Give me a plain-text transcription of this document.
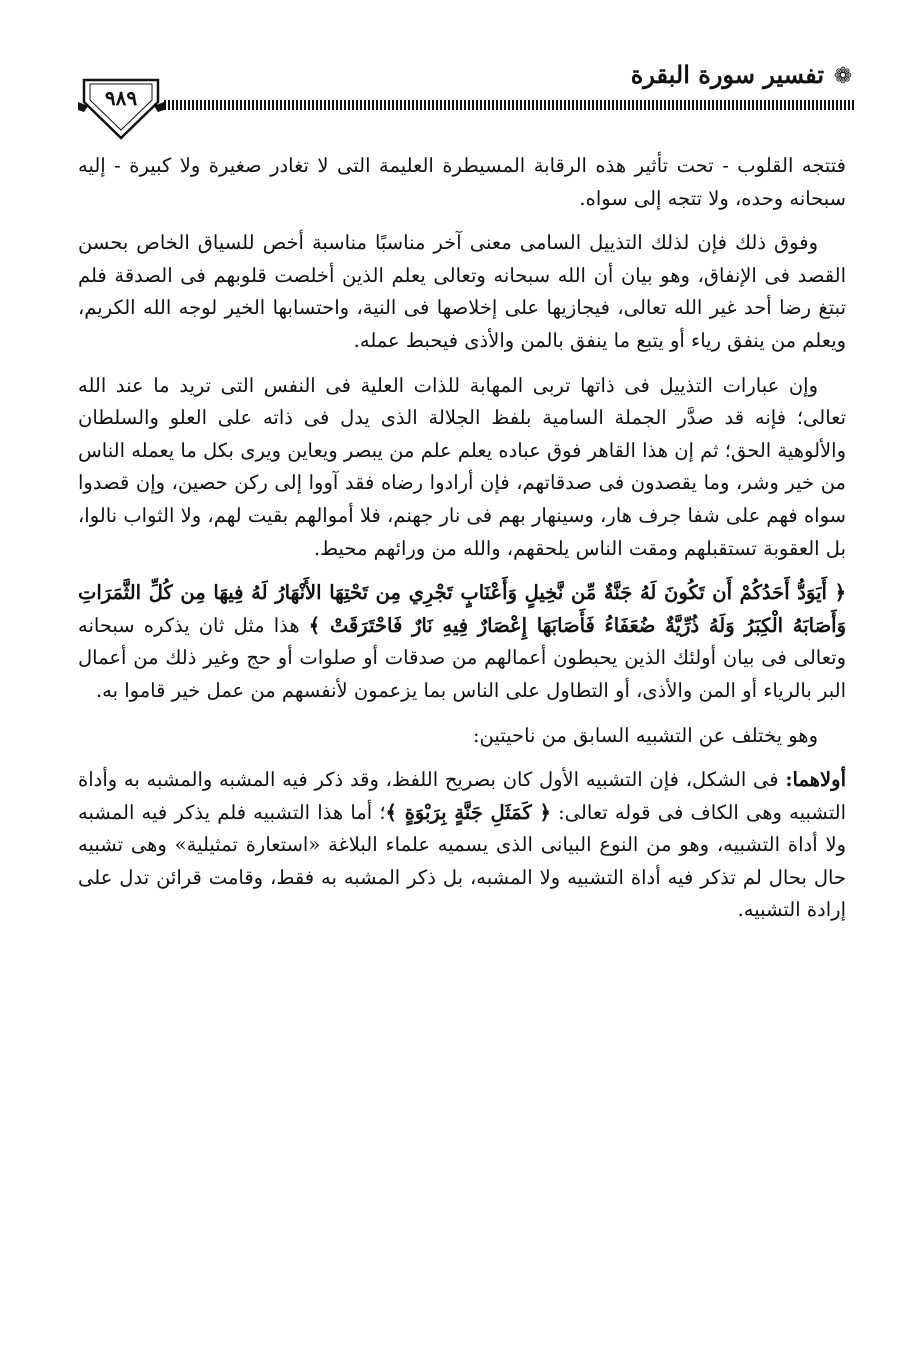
❁
تفسير سورة البقرة
٩٨٩

فتتجه القلوب - تحت تأثير هذه الرقابة المسيطرة العليمة التى لا تغادر صغيرة ولا كبيرة - إليه سبحانه وحده، ولا تتجه إلى سواه.

وفوق ذلك فإن لذلك التذييل السامى معنى آخر مناسبًا مناسبة أخص للسياق الخاص بحسن القصد فى الإنفاق، وهو بيان أن الله سبحانه وتعالى يعلم الذين أخلصت قلوبهم فى الصدقة فلم تبتغ رضا أحد غير الله تعالى، فيجازيها على إخلاصها فى النية، واحتسابها الخير لوجه الله الكريم، ويعلم من ينفق رياء أو يتبع ما ينفق بالمن والأذى فيحبط عمله.

وإن عبارات التذييل فى ذاتها تربى المهابة للذات العلية فى النفس التى تريد ما عند الله تعالى؛ فإنه قد صدَّر الجملة السامية بلفظ الجلالة الذى يدل فى ذاته على العلو والسلطان والألوهية الحق؛ ثم إن هذا القاهر فوق عباده يعلم علم من يبصر ويعاين ويرى بكل ما يعمله الناس من خير وشر، وما يقصدون فى صدقاتهم، فإن أرادوا رضاه فقد آووا إلى ركن حصين، وإن قصدوا سواه فهم على شفا جرف هار، وسينهار بهم فى نار جهنم، فلا أموالهم بقيت لهم، ولا الثواب نالوا، بل العقوبة تستقبلهم ومقت الناس يلحقهم، والله من ورائهم محيط.

﴿ أَيَوَدُّ أَحَدُكُمْ أَن تَكُونَ لَهُ جَنَّةٌ مِّن نَّخِيلٍ وَأَعْنَابٍ تَجْرِي مِن تَحْتِهَا الأَنْهَارُ لَهُ فِيهَا مِن كُلِّ الثَّمَرَاتِ وَأَصَابَهُ الْكِبَرُ وَلَهُ ذُرِّيَّةٌ ضُعَفَاءُ فَأَصَابَهَا إِعْصَارٌ فِيهِ نَارٌ فَاحْتَرَقَتْ ﴾ هذا مثل ثان يذكره سبحانه وتعالى فى بيان أولئك الذين يحبطون أعمالهم من صدقات أو صلوات أو حج وغير ذلك من أعمال البر بالرياء أو المن والأذى، أو التطاول على الناس بما يزعمون لأنفسهم من عمل خير قاموا به.

وهو يختلف عن التشبيه السابق من ناحيتين:

أولاهما: فى الشكل، فإن التشبيه الأول كان بصريح اللفظ، وقد ذكر فيه المشبه والمشبه به وأداة التشبيه وهى الكاف فى قوله تعالى: ﴿ كَمَثَلِ جَنَّةٍ بِرَبْوَةٍ ﴾؛ أما هذا التشبيه فلم يذكر فيه المشبه ولا أداة التشبيه، وهو من النوع البيانى الذى يسميه علماء البلاغة «استعارة تمثيلية» وهى تشبيه حال بحال لم تذكر فيه أداة التشبيه ولا المشبه، بل ذكر المشبه به فقط، وقامت قرائن تدل على إرادة التشبيه.
